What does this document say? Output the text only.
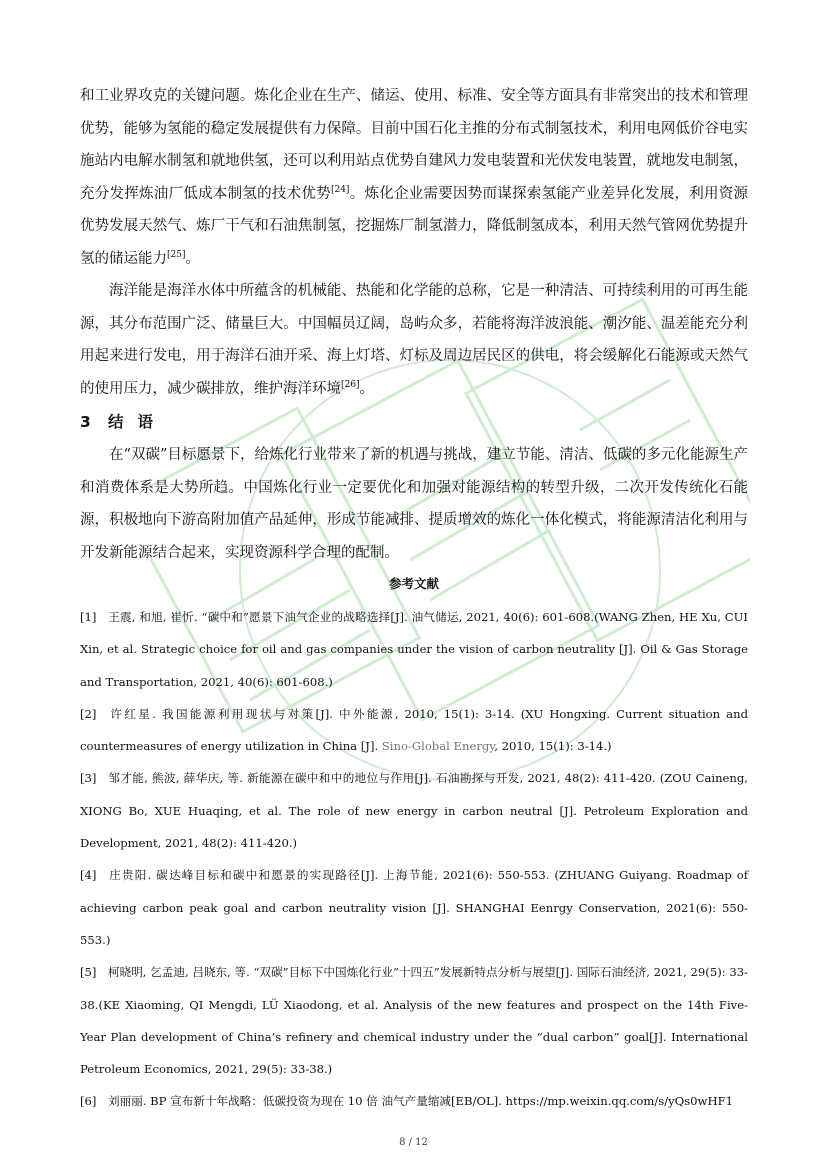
和工业界攻克的关键问题。炼化企业在生产、储运、使用、标准、安全等方面具有非常突出的技术和管理优势，能够为氢能的稳定发展提供有力保障。目前中国石化主推的分布式制氢技术，利用电网低价谷电实施站内电解水制氢和就地供氢，还可以利用站点优势自建风力发电装置和光伏发电装置，就地发电制氢，充分发挥炼油厂低成本制氢的技术优势[24]。炼化企业需要因势而谋探索氢能产业差异化发展，利用资源优势发展天然气、炼厂干气和石油焦制氢，挖掘炼厂制氢潜力，降低制氢成本，利用天然气管网优势提升氢的储运能力[25]。

海洋能是海洋水体中所蕴含的机械能、热能和化学能的总称，它是一种清洁、可持续利用的可再生能源，其分布范围广泛、储量巨大。中国幅员辽阔，岛屿众多，若能将海洋波浪能、潮汐能、温差能充分利用起来进行发电，用于海洋石油开采、海上灯塔、灯标及周边居民区的供电，将会缓解化石能源或天然气的使用压力，减少碳排放，维护海洋环境[26]。

3 结语

在“双碳”目标愿景下，给炼化行业带来了新的机遇与挑战，建立节能、清洁、低碳的多元化能源生产和消费体系是大势所趋。中国炼化行业一定要优化和加强对能源结构的转型升级，二次开发传统化石能源，积极地向下游高附加值产品延伸，形成节能减排、提质增效的炼化一体化模式，将能源清洁化利用与开发新能源结合起来，实现资源科学合理的配制。

参考文献

[1] 王震, 和旭, 崔忻. “碳中和”愿景下油气企业的战略选择[J]. 油气储运, 2021, 40(6): 601-608.(WANG Zhen, HE Xu, CUI Xin, et al. Strategic choice for oil and gas companies under the vision of carbon neutrality [J]. Oil & Gas Storage and Transportation, 2021, 40(6): 601-608.)

[2] 许红星. 我国能源利用现状与对策[J]. 中外能源, 2010, 15(1): 3-14. (XU Hongxing. Current situation and countermeasures of energy utilization in China [J]. Sino-Global Energy, 2010, 15(1): 3-14.)

[3] 邹才能, 熊波, 薛华庆, 等. 新能源在碳中和中的地位与作用[J]. 石油勘探与开发, 2021, 48(2): 411-420. (ZOU Caineng, XIONG Bo, XUE Huaqing, et al. The role of new energy in carbon neutral [J]. Petroleum Exploration and Development, 2021, 48(2): 411-420.)

[4] 庄贵阳. 碳达峰目标和碳中和愿景的实现路径[J]. 上海节能, 2021(6): 550-553. (ZHUANG Guiyang. Roadmap of achieving carbon peak goal and carbon neutrality vision [J]. SHANGHAI Eenrgy Conservation, 2021(6): 550-553.)

[5] 柯晓明, 乞孟迪, 吕晓东, 等. “双碳”目标下中国炼化行业“十四五”发展新特点分析与展望[J]. 国际石油经济, 2021, 29(5): 33-38.(KE Xiaoming, QI Mengdi, LÜ Xiaodong, et al. Analysis of the new features and prospect on the 14th Five-Year Plan development of China’s refinery and chemical industry under the “dual carbon” goal[J]. International Petroleum Economics, 2021, 29(5): 33-38.)

[6] 刘丽丽. BP 宣布新十年战略：低碳投资为现在 10 倍 油气产量缩减[EB/OL]. https://mp.weixin.qq.com/s/yQs0wHF1

8 / 12
